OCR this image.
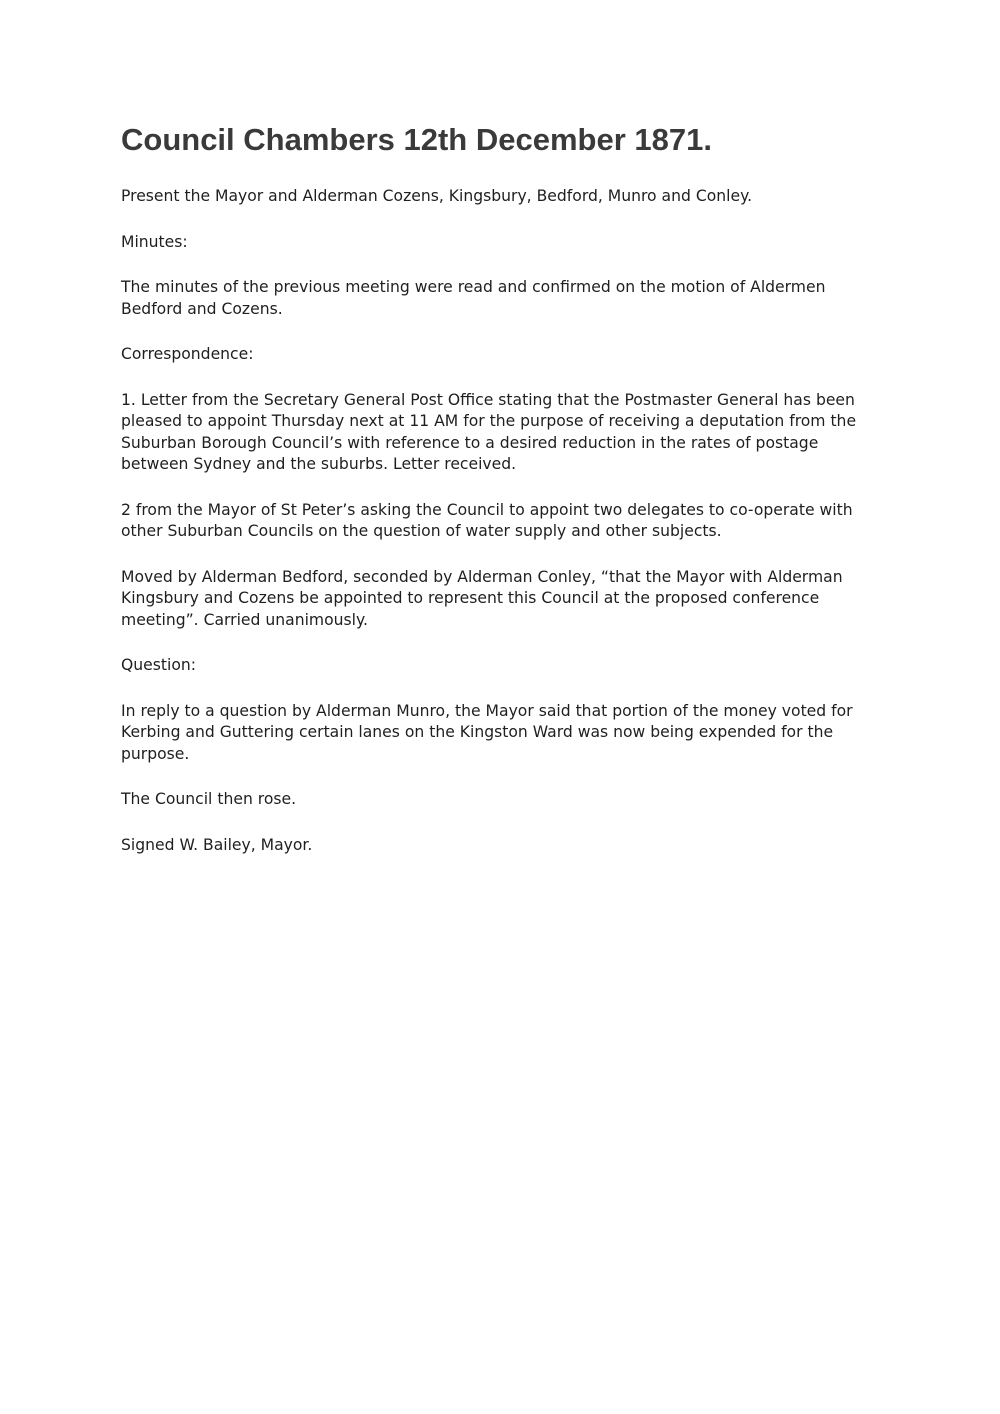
Council Chambers 12th December 1871.

Present the Mayor and Alderman Cozens, Kingsbury, Bedford, Munro and Conley.

Minutes:

The minutes of the previous meeting were read and confirmed on the motion of Aldermen Bedford and Cozens.

Correspondence:

1. Letter from the Secretary General Post Office stating that the Postmaster General has been pleased to appoint Thursday next at 11 AM for the purpose of receiving a deputation from the Suburban Borough Council’s with reference to a desired reduction in the rates of postage between Sydney and the suburbs. Letter received.

2 from the Mayor of St Peter’s asking the Council to appoint two delegates to co-operate with other Suburban Councils on the question of water supply and other subjects.

Moved by Alderman Bedford, seconded by Alderman Conley, “that the Mayor with Alderman Kingsbury and Cozens be appointed to represent this Council at the proposed conference meeting”. Carried unanimously.

Question:

In reply to a question by Alderman Munro, the Mayor said that portion of the money voted for Kerbing and Guttering certain lanes on the Kingston Ward was now being expended for the purpose.

The Council then rose.

Signed W. Bailey, Mayor.
